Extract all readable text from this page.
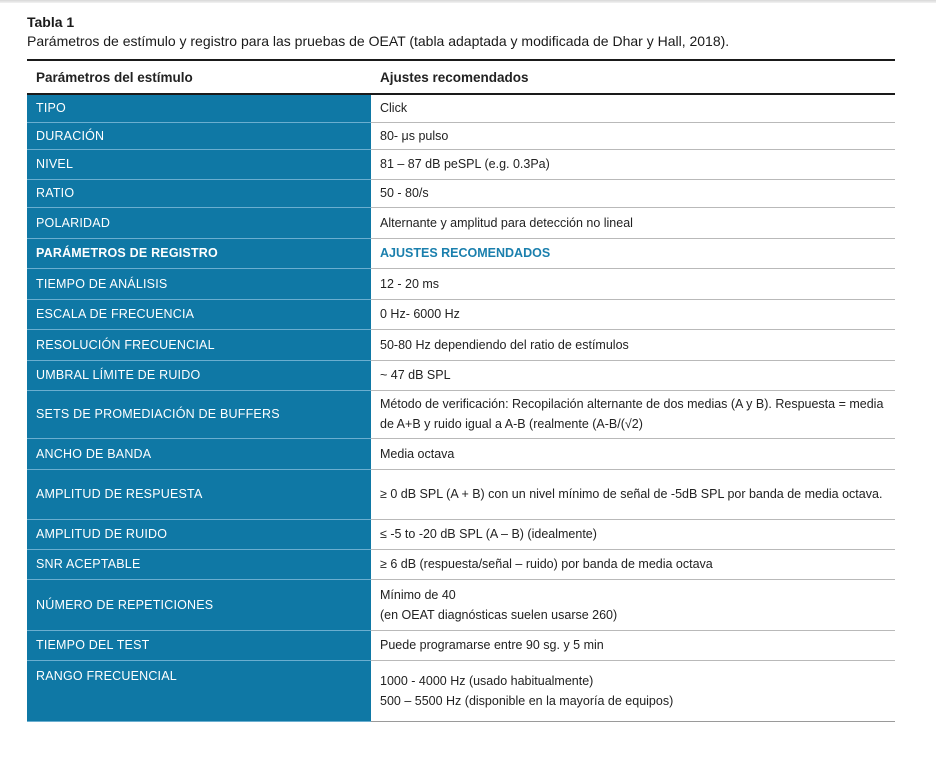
Tabla 1
Parámetros de estímulo y registro para las pruebas de OEAT (tabla adaptada y modificada de Dhar y Hall, 2018).
Parámetros del estímulo	Ajustes recomendados
TIPO	Click
DURACIÓN	80- μs pulso
NIVEL	81 – 87 dB peSPL (e.g. 0.3Pa)
RATIO	50 - 80/s
POLARIDAD	Alternante y amplitud para detección no lineal
PARÁMETROS DE REGISTRO	AJUSTES RECOMENDADOS
TIEMPO DE ANÁLISIS	12 - 20 ms
ESCALA DE FRECUENCIA	0 Hz- 6000 Hz
RESOLUCIÓN FRECUENCIAL	50-80 Hz dependiendo del ratio de estímulos
UMBRAL LÍMITE DE RUIDO	~ 47 dB SPL
SETS DE PROMEDIACIÓN DE BUFFERS	Método de verificación: Recopilación alternante de dos medias (A y B). Respuesta = media de A+B y ruido igual a A-B (realmente (A-B/(√2)
ANCHO DE BANDA	Media octava
AMPLITUD DE RESPUESTA	≥ 0 dB SPL (A + B) con un nivel mínimo de señal de -5dB SPL por banda de media octava.
AMPLITUD DE RUIDO	≤ -5 to -20 dB SPL (A – B) (idealmente)
SNR ACEPTABLE	≥ 6 dB (respuesta/señal – ruido) por banda de media octava
NÚMERO DE REPETICIONES	Mínimo de 40
(en OEAT diagnósticas suelen usarse 260)

TIEMPO DEL TEST	Puede programarse entre 90 sg. y 5 min
RANGO FRECUENCIAL	1000 - 4000 Hz (usado habitualmente)
500 – 5500 Hz (disponible en la mayoría de equipos)
